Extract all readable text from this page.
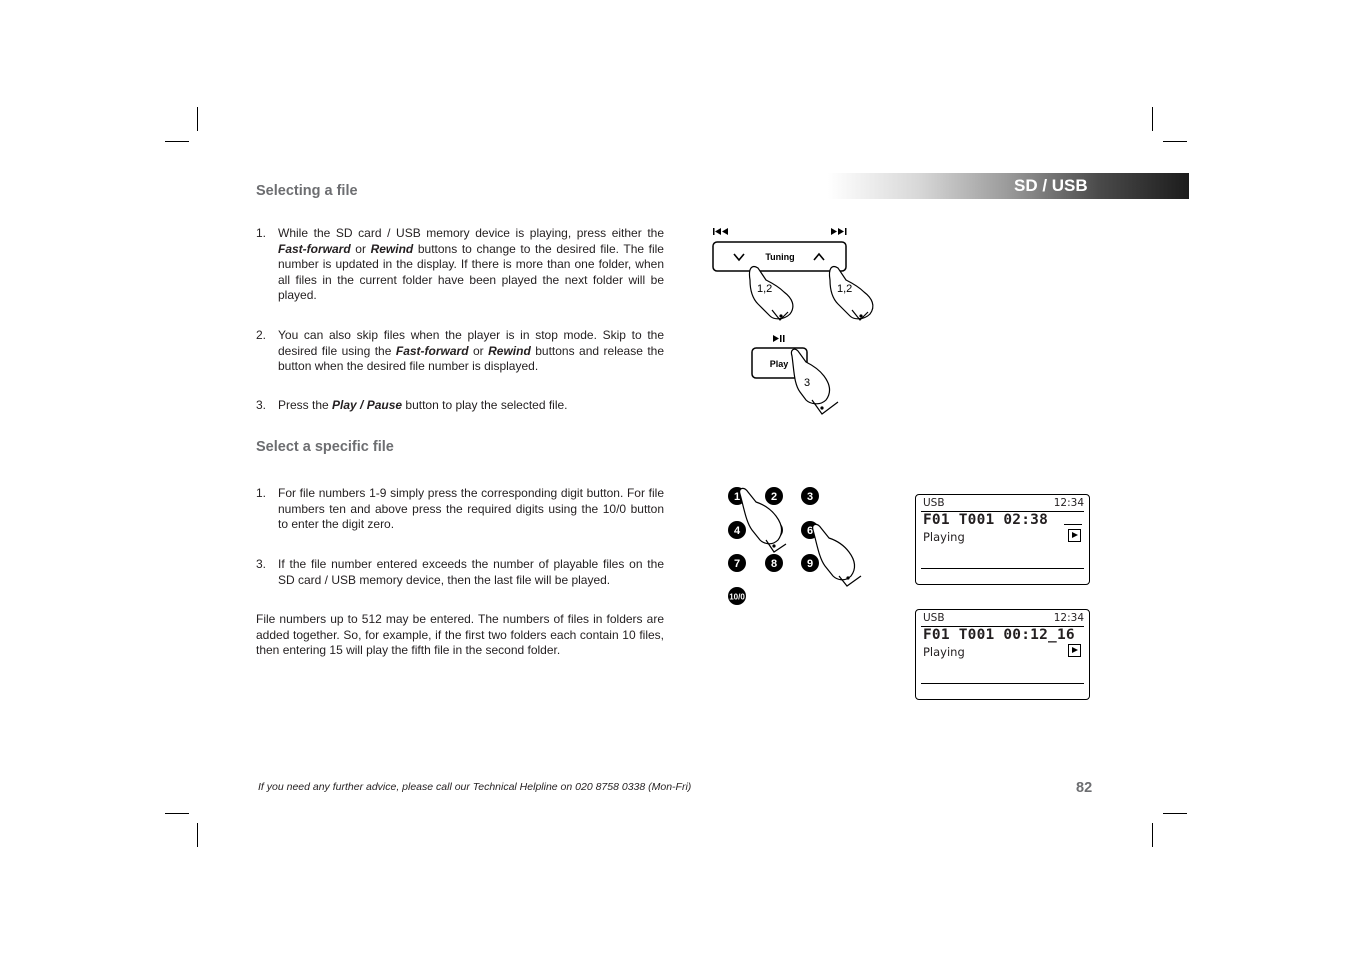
SD / USB
Selecting a file
1. While the SD card / USB memory device is playing, press either the Fast-forward or Rewind buttons to change to the desired file. The file number is updated in the display. If there is more than one folder, when all files in the current folder have been played the next folder will be played.
2. You can also skip files when the player is in stop mode. Skip to the desired file using the Fast-forward or Rewind buttons and release the button when the desired file number is displayed.
3. Press the Play / Pause button to play the selected file.
Select a specific file
1. For file numbers 1-9 simply press the corresponding digit button. For file numbers ten and above press the required digits using the 10/0 button to enter the digit zero.
3. If the file number entered exceeds the number of playable files on the SD card / USB memory device, then the last file will be played.
File numbers up to 512 may be entered. The numbers of files in folders are added together. So, for example, if the first two folders each contain 10 files, then entering 15 will play the fifth file in the second folder.
Tuning
1,2	1,2
Play
3
1	2	3
4	6
7	8	9
10/0
USB	12:34
F01 T001 02:38
Playing
USB	12:34
F01 T001 00:12_16
Playing
If you need any further advice, please call our Technical Helpline on 020 8758 0338 (Mon-Fri)	82
